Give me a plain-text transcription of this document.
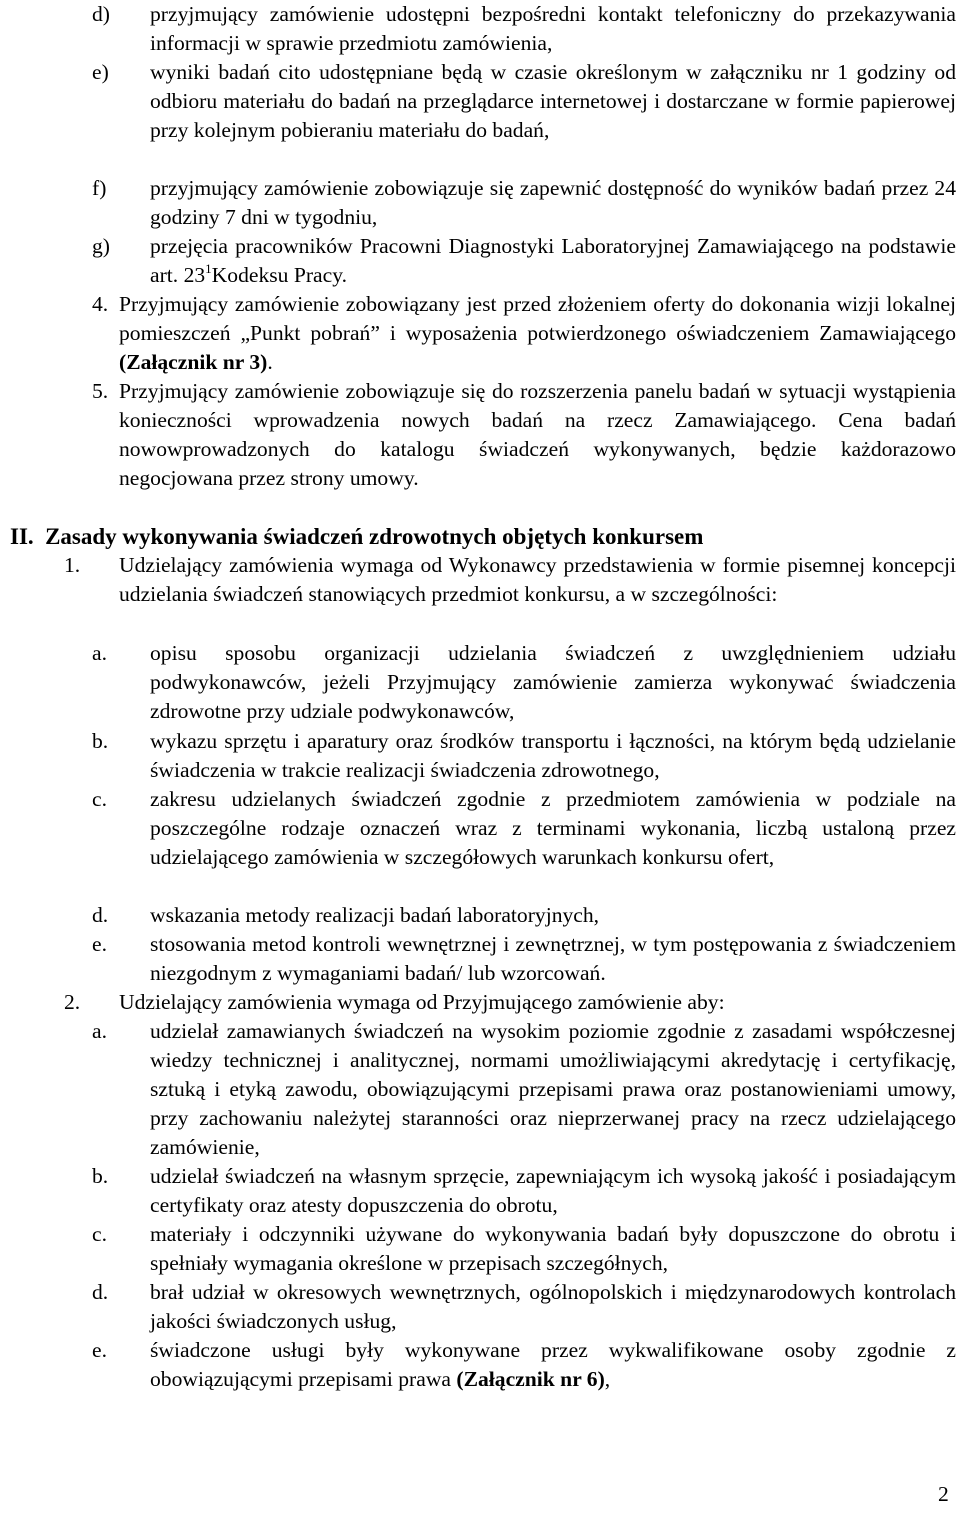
d) przyjmujący zamówienie udostępni bezpośredni kontakt telefoniczny do przekazywania informacji w sprawie przedmiotu zamówienia,
e) wyniki badań cito udostępniane będą w czasie określonym w załączniku nr 1 godziny od odbioru materiału do badań na przeglądarce internetowej i dostarczane w formie papierowej przy kolejnym pobieraniu materiału do badań,
f) przyjmujący zamówienie zobowiązuje się zapewnić dostępność do wyników badań przez 24 godziny 7 dni w tygodniu,
g) przejęcia pracowników Pracowni Diagnostyki Laboratoryjnej Zamawiającego na podstawie art. $23^1Kodeksu$ Pracy.
4. Przyjmujący zamówienie zobowiązany jest przed złożeniem oferty do dokonania wizji lokalnej pomieszczeń „Punkt pobrań” i wyposażenia potwierdzonego oświadczeniem Zamawiającego (Załącznik nr 3).
5. Przyjmujący zamówienie zobowiązuje się do rozszerzenia panelu badań w sytuacji wystąpienia konieczności wprowadzenia nowych badań na rzecz Zamawiającego. Cena badań nowowprowadzonych do katalogu świadczeń wykonywanych, będzie każdorazowo negocjowana przez strony umowy.
II. Zasady wykonywania świadczeń zdrowotnych objętych konkursem
1. Udzielający zamówienia wymaga od Wykonawcy przedstawienia w formie pisemnej koncepcji udzielania świadczeń stanowiących przedmiot konkursu, a w szczególności:
a. opisu sposobu organizacji udzielania świadczeń z uwzględnieniem udziału podwykonawców, jeżeli Przyjmujący zamówienie zamierza wykonywać świadczenia zdrowotne przy udziale podwykonawców,
b. wykazu sprzętu i aparatury oraz środków transportu i łączności, na którym będą udzielanie świadczenia w trakcie realizacji świadczenia zdrowotnego,
c. zakresu udzielanych świadczeń zgodnie z przedmiotem zamówienia w podziale na poszczególne rodzaje oznaczeń wraz z terminami wykonania, liczbą ustaloną przez udzielającego zamówienia w szczegółowych warunkach konkursu ofert,
d. wskazania metody realizacji badań laboratoryjnych,
e. stosowania metod kontroli wewnętrznej i zewnętrznej, w tym postępowania z świadczeniem niezgodnym z wymaganiami badań/ lub wzorcowań.
2. Udzielający zamówienia wymaga od Przyjmującego zamówienie aby:
a. udzielał zamawianych świadczeń na wysokim poziomie zgodnie z zasadami współczesnej wiedzy technicznej i analitycznej, normami umożliwiającymi akredytację i certyfikację, sztuką i etyką zawodu, obowiązującymi przepisami prawa oraz postanowieniami umowy, przy zachowaniu należytej staranności oraz nieprzerwanej pracy na rzecz udzielającego zamówienie,
b. udzielał świadczeń na własnym sprzęcie, zapewniającym ich wysoką jakość i posiadającym certyfikaty oraz atesty dopuszczenia do obrotu,
c. materiały i odczynniki używane do wykonywania badań były dopuszczone do obrotu i spełniały wymagania określone w przepisach szczegółnych,
d. brał udział w okresowych wewnętrznych, ogólnopolskich i międzynarodowych kontrolach jakości świadczonych usług,
e. świadczone usługi były wykonywane przez wykwalifikowane osoby zgodnie z obowiązującymi przepisami prawa (Załącznik nr 6),
2
